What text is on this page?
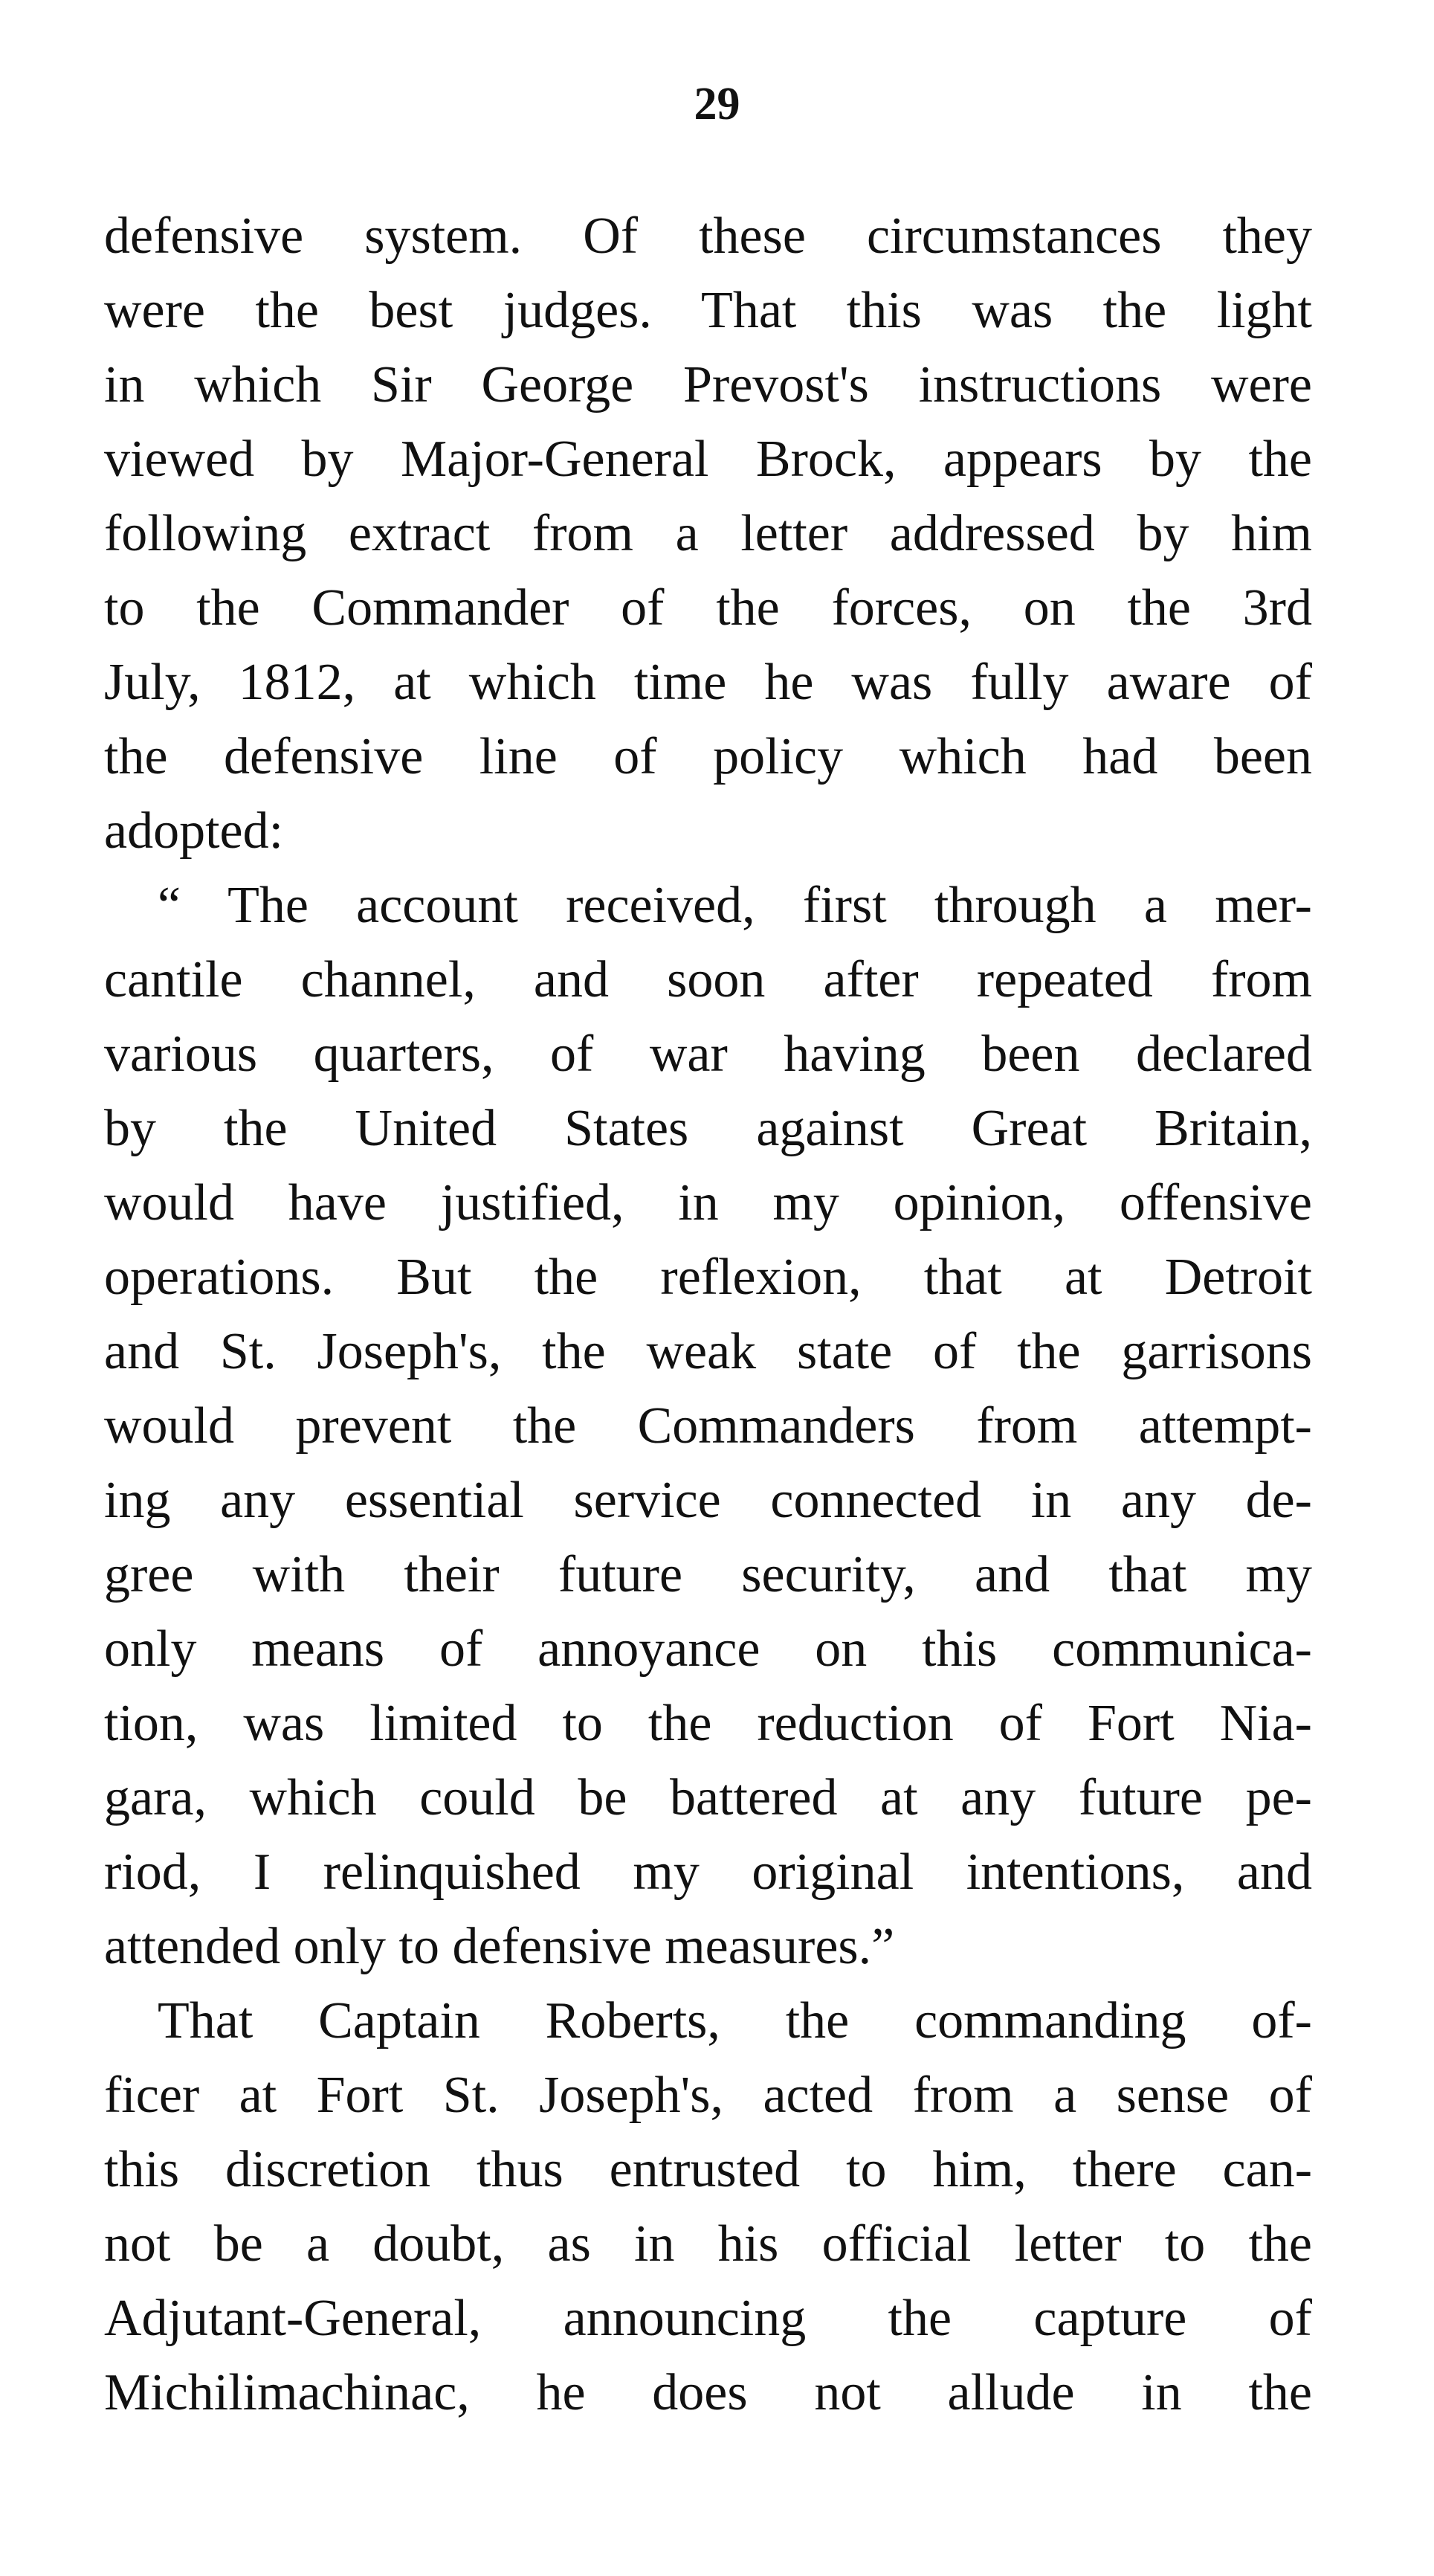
29
defensive system. Of these circumstances they
were the best judges. That this was the light
in which Sir George Prevost's instructions were
viewed by Major-General Brock, appears by the
following extract from a letter addressed by him
to the Commander of the forces, on the 3rd
July, 1812, at which time he was fully aware of
the defensive line of policy which had been
adopted:
“ The account received, first through a mer-
cantile channel, and soon after repeated from
various quarters, of war having been declared
by the United States against Great Britain,
would have justified, in my opinion, offensive
operations. But the reflexion, that at Detroit
and St. Joseph's, the weak state of the garrisons
would prevent the Commanders from attempt-
ing any essential service connected in any de-
gree with their future security, and that my
only means of annoyance on this communica-
tion, was limited to the reduction of Fort Nia-
gara, which could be battered at any future pe-
riod, I relinquished my original intentions, and
attended only to defensive measures.”
That Captain Roberts, the commanding of-
ficer at Fort St. Joseph's, acted from a sense of
this discretion thus entrusted to him, there can-
not be a doubt, as in his official letter to the
Adjutant-General, announcing the capture of
Michilimachinac, he does not allude in the
